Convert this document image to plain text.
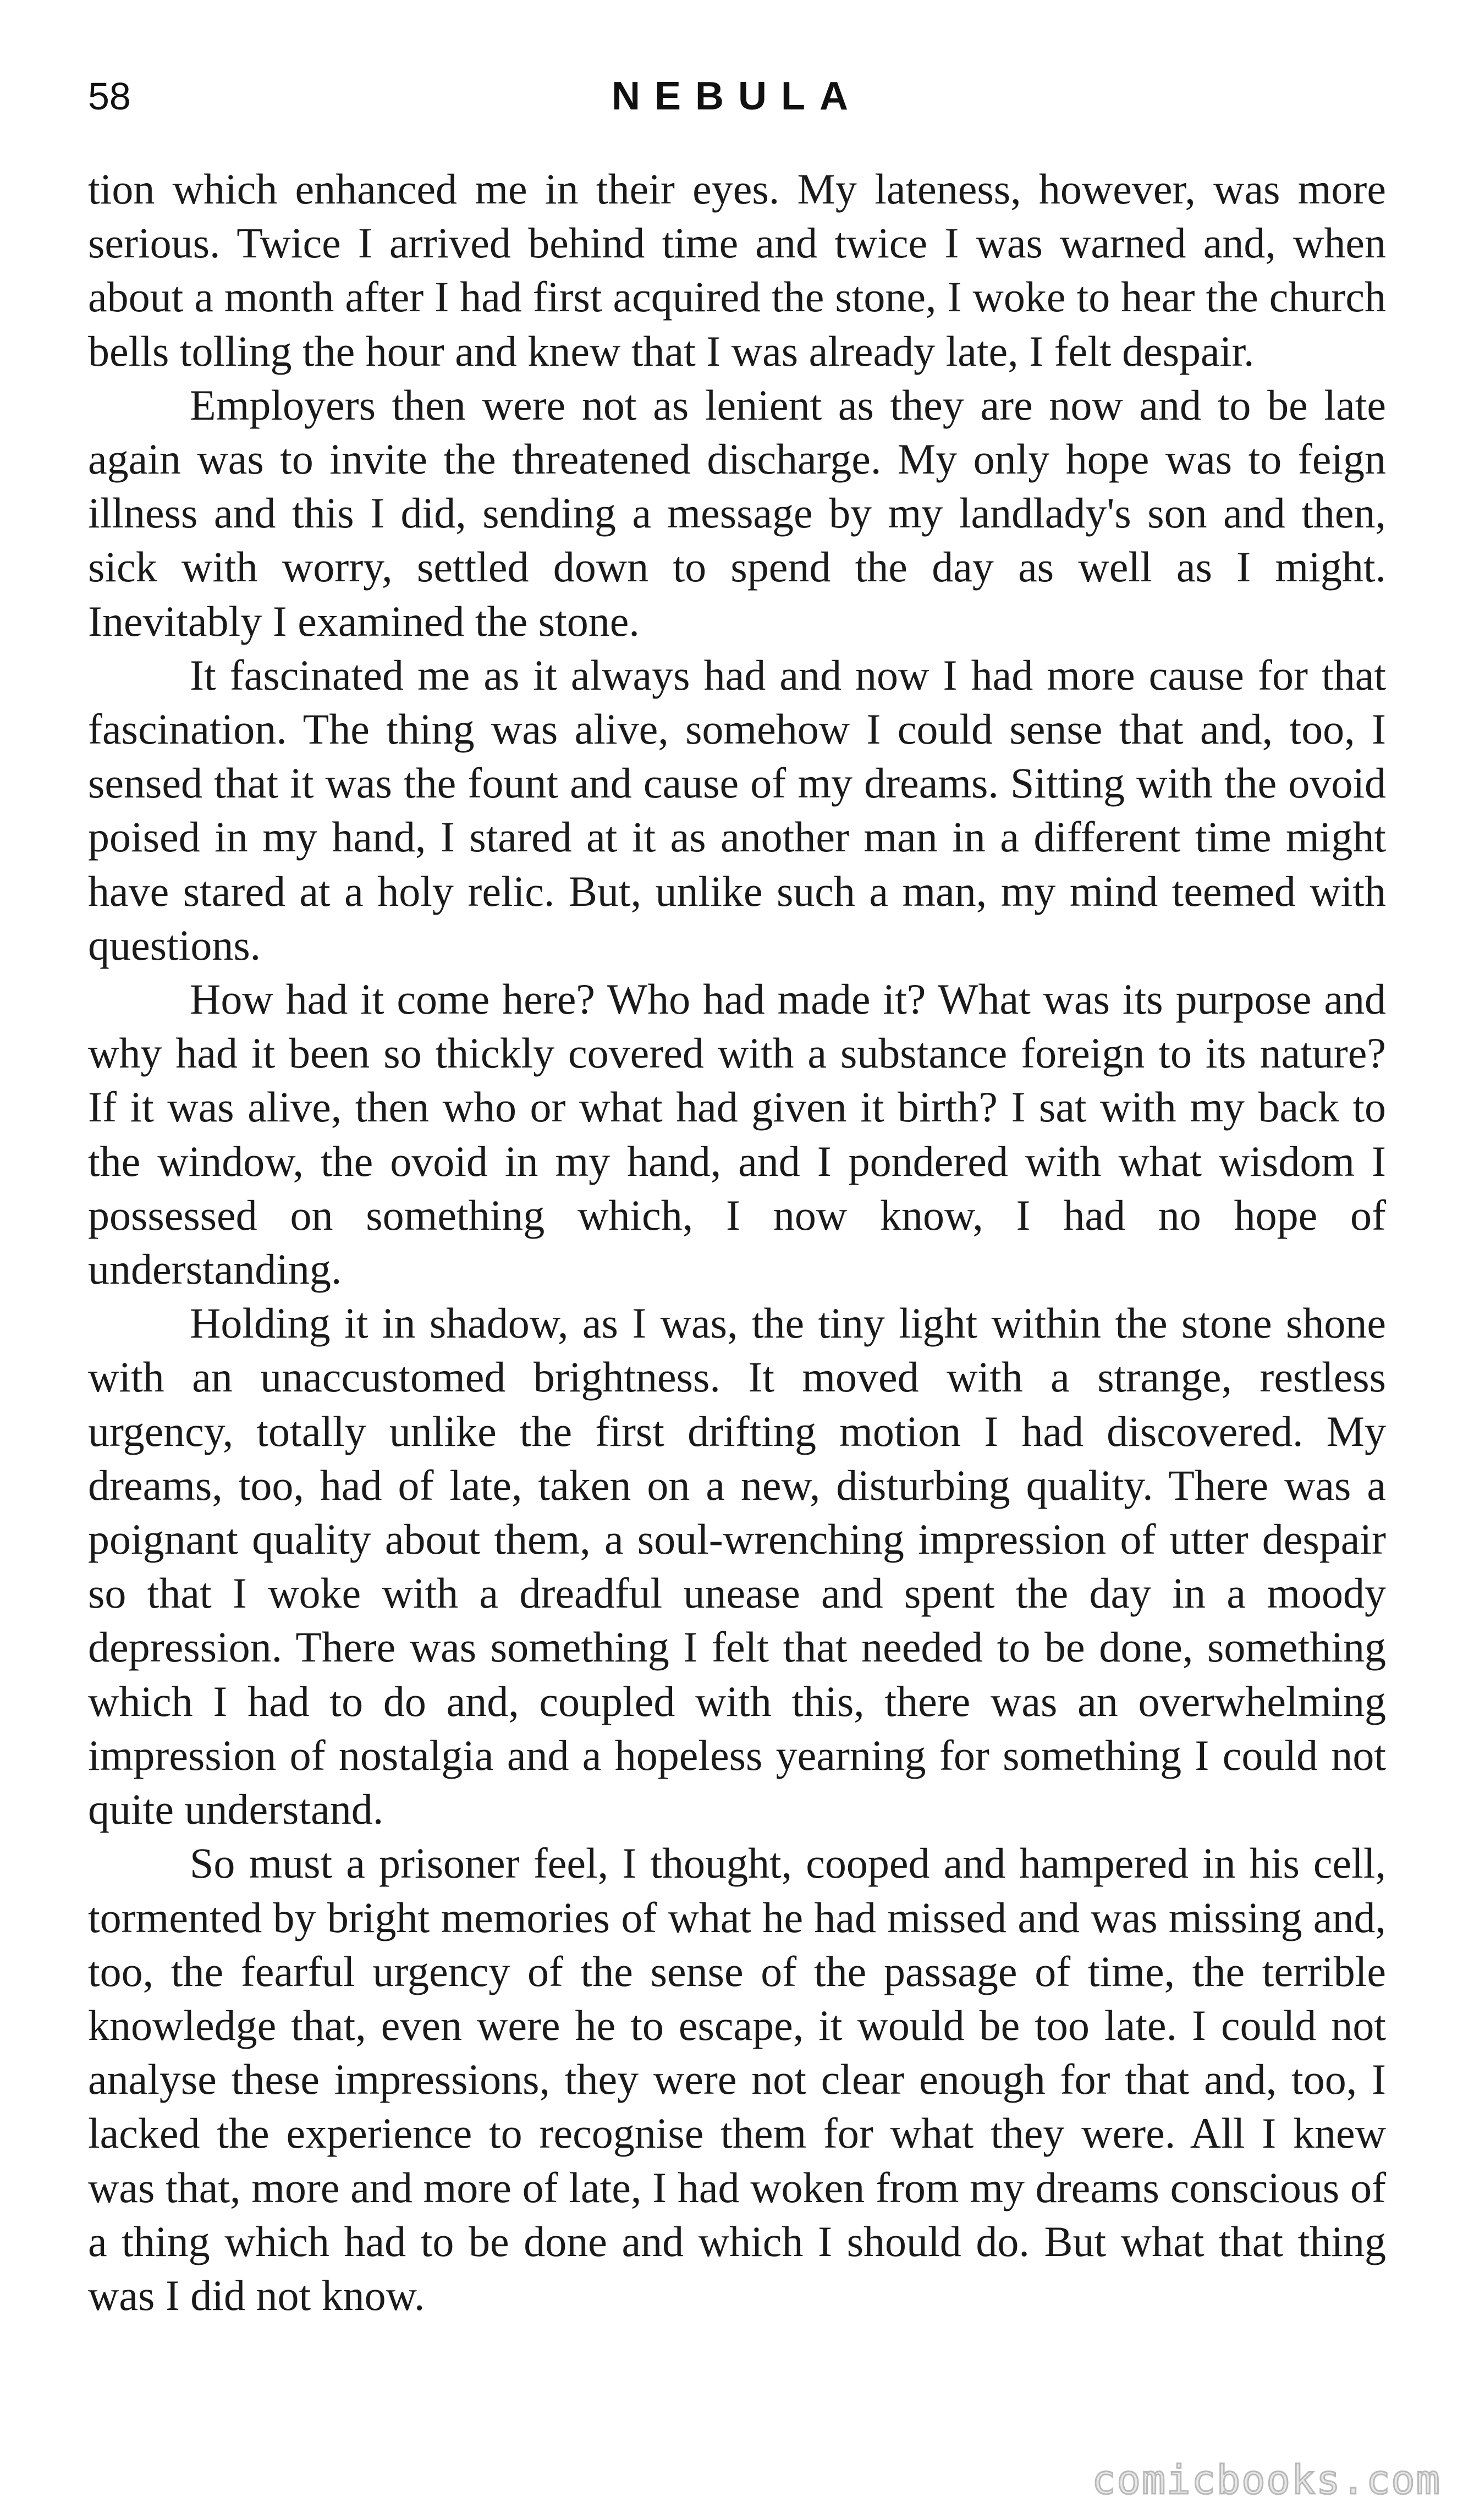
58	NEBULA

tion which enhanced me in their eyes. My lateness, however, was more serious. Twice I arrived behind time and twice I was warned and, when about a month after I had first acquired the stone, I woke to hear the church bells tolling the hour and knew that I was already late, I felt despair.

Employers then were not as lenient as they are now and to be late again was to invite the threatened discharge. My only hope was to feign illness and this I did, sending a message by my landlady's son and then, sick with worry, settled down to spend the day as well as I might. Inevitably I examined the stone.

It fascinated me as it always had and now I had more cause for that fascination. The thing was alive, somehow I could sense that and, too, I sensed that it was the fount and cause of my dreams. Sitting with the ovoid poised in my hand, I stared at it as another man in a different time might have stared at a holy relic. But, unlike such a man, my mind teemed with questions.

How had it come here? Who had made it? What was its purpose and why had it been so thickly covered with a substance foreign to its nature? If it was alive, then who or what had given it birth? I sat with my back to the window, the ovoid in my hand, and I pondered with what wisdom I possessed on something which, I now know, I had no hope of understanding.

Holding it in shadow, as I was, the tiny light within the stone shone with an unaccustomed brightness. It moved with a strange, restless urgency, totally unlike the first drifting motion I had discovered. My dreams, too, had of late, taken on a new, disturbing quality. There was a poignant quality about them, a soul-wrenching impression of utter despair so that I woke with a dreadful unease and spent the day in a moody depression. There was something I felt that needed to be done, something which I had to do and, coupled with this, there was an overwhelming impression of nostalgia and a hopeless yearning for something I could not quite understand.

So must a prisoner feel, I thought, cooped and hampered in his cell, tormented by bright memories of what he had missed and was missing and, too, the fearful urgency of the sense of the passage of time, the terrible knowledge that, even were he to escape, it would be too late. I could not analyse these impressions, they were not clear enough for that and, too, I lacked the experience to recognise them for what they were. All I knew was that, more and more of late, I had woken from my dreams conscious of a thing which had to be done and which I should do. But what that thing was I did not know.

comicbooks.com
